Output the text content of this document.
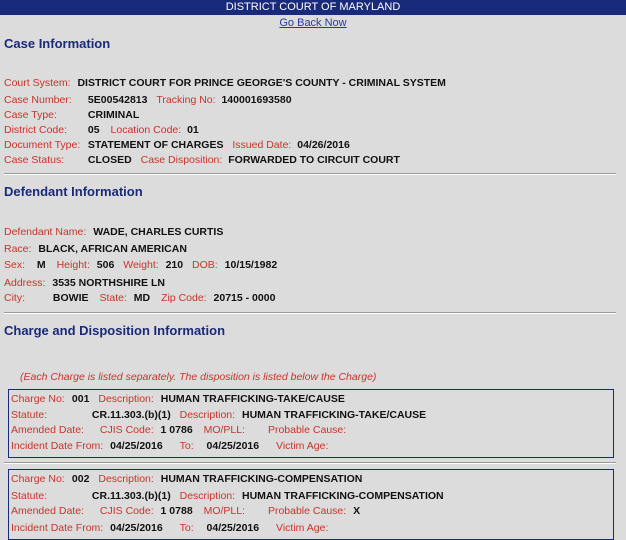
DISTRICT COURT OF MARYLAND
Go Back Now
Case Information
Court System: DISTRICT COURT FOR PRINCE GEORGE'S COUNTY - CRIMINAL SYSTEM
Case Number: 5E00542813 Tracking No: 140001693580
Case Type:	CRIMINAL
District Code: 05 Location Code: 01
Document Type: STATEMENT OF CHARGES Issued Date: 04/26/2016
Case Status: CLOSED Case Disposition: FORWARDED TO CIRCUIT COURT
Defendant Information
Defendant Name: WADE, CHARLES CURTIS
Race: BLACK, AFRICAN AMERICAN
Sex: M Height: 506 Weight: 210 DOB: 10/15/1982
Address: 3535 NORTHSHIRE LN
City:	BOWIE State: MD Zip Code: 20715 - 0000
Charge and Disposition Information
(Each Charge is listed separately. The disposition is listed below the Charge)
Charge No: 001 Description: HUMAN TRAFFICKING-TAKE/CAUSE
Statute:	CR.11.303.(b)(1) Description: HUMAN TRAFFICKING-TAKE/CAUSE
Amended Date: CJIS Code: 1 0786 MO/PLL: Probable Cause:
Incident Date From: 04/25/2016 To: 04/25/2016 Victim Age:
Charge No: 002 Description: HUMAN TRAFFICKING-COMPENSATION
Statute:	CR.11.303.(b)(1) Description: HUMAN TRAFFICKING-COMPENSATION
Amended Date: CJIS Code: 1 0788 MO/PLL: Probable Cause: X
Incident Date From: 04/25/2016 To: 04/25/2016 Victim Age:
